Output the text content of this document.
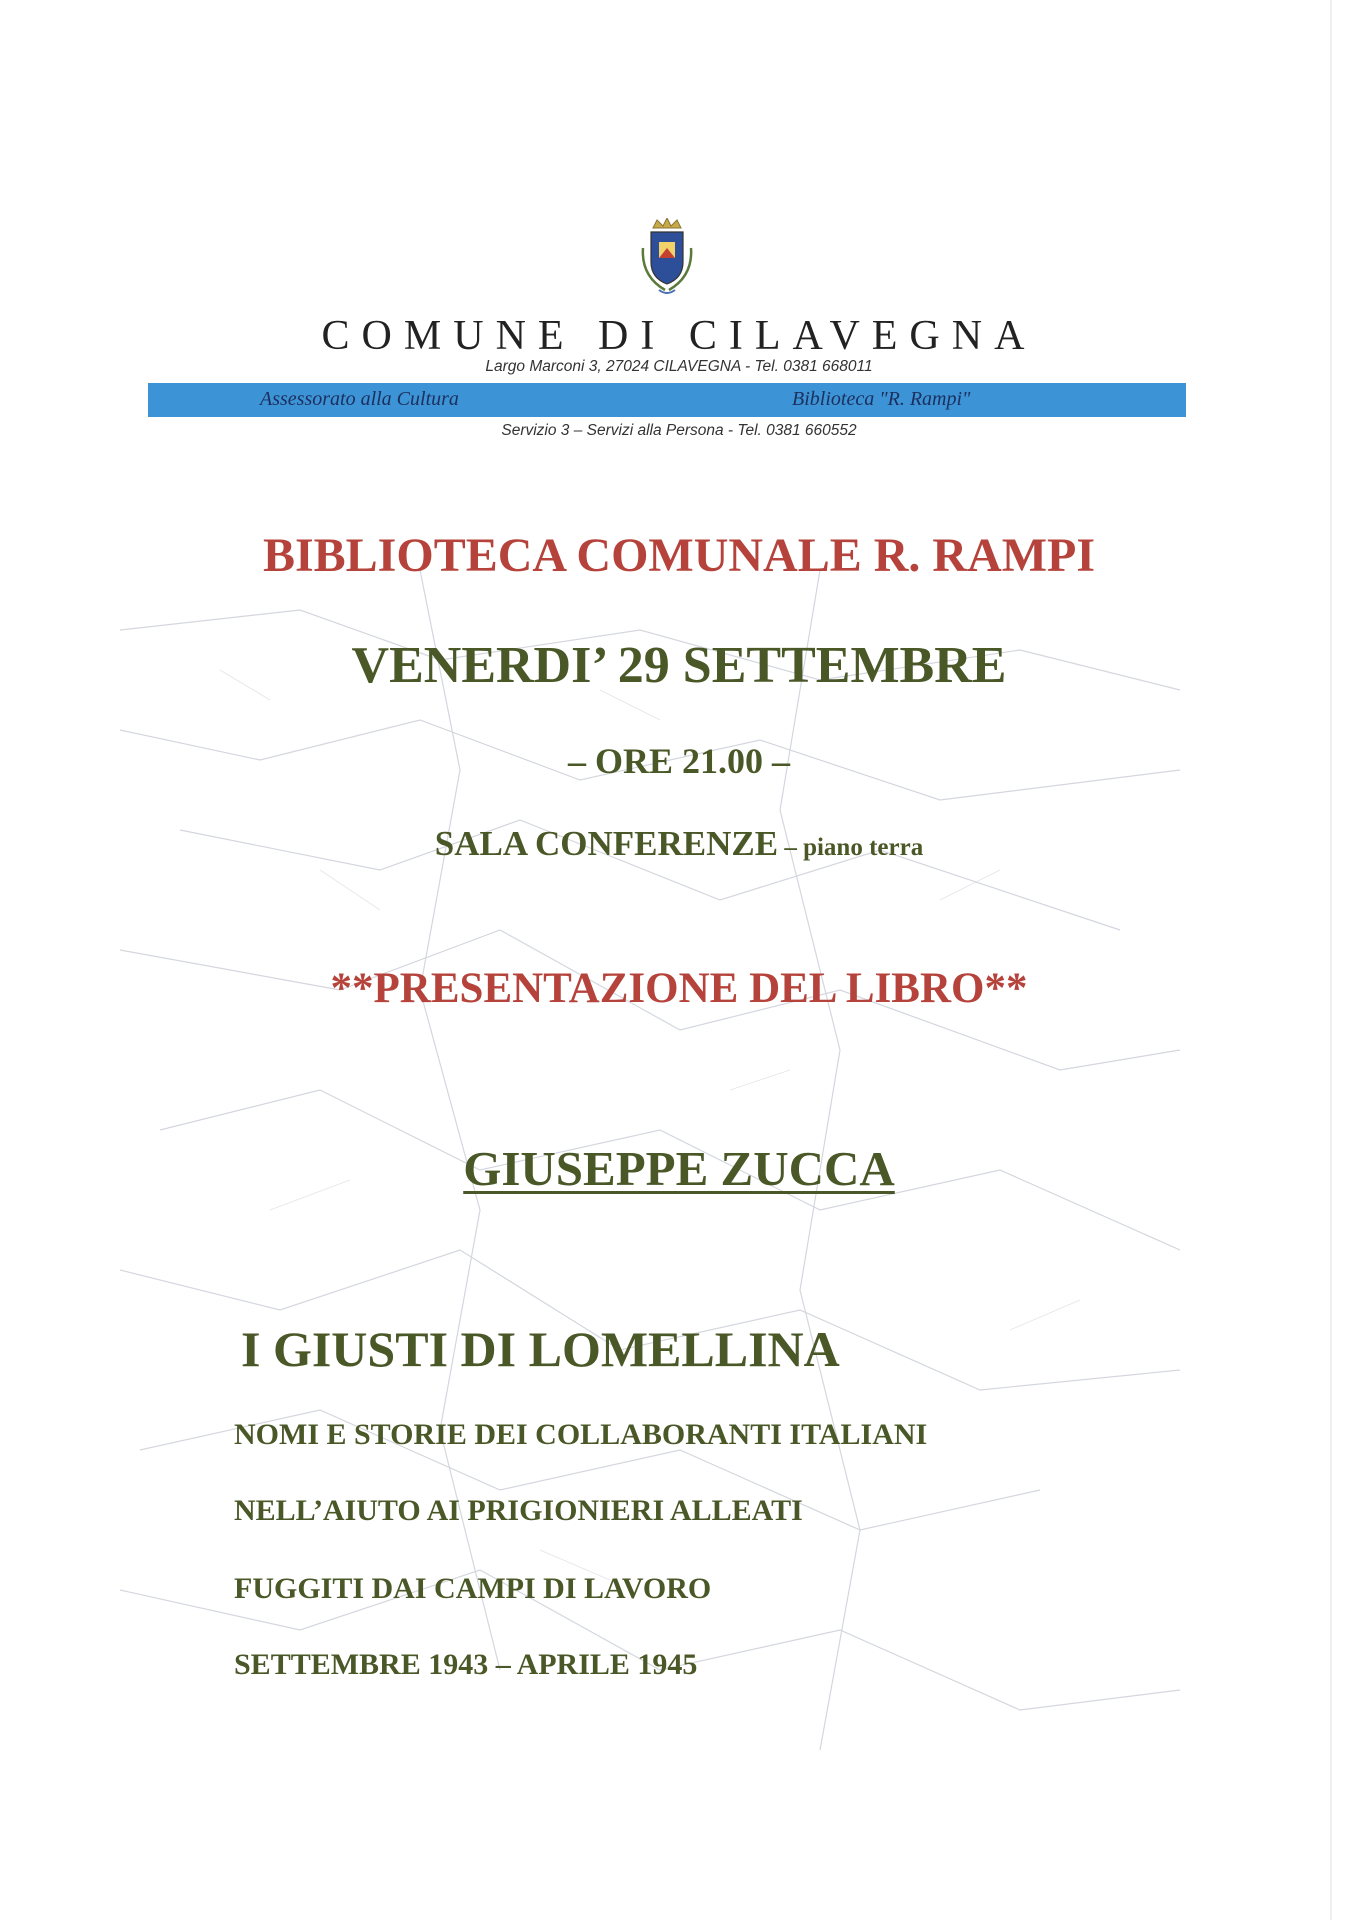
COMUNE DI CILAVEGNA
Largo Marconi 3, 27024 CILAVEGNA - Tel. 0381 668011
Assessorato alla Cultura	Biblioteca "R. Rampi"
Servizio 3 – Servizi alla Persona - Tel. 0381 660552
BIBLIOTECA COMUNALE R. RAMPI
VENERDI’ 29 SETTEMBRE
– ORE 21.00 –
SALA CONFERENZE – piano terra
**PRESENTAZIONE DEL LIBRO**
GIUSEPPE ZUCCA
I GIUSTI DI LOMELLINA
NOMI E STORIE DEI COLLABORANTI ITALIANI
NELL’AIUTO AI PRIGIONIERI ALLEATI
FUGGITI DAI CAMPI DI LAVORO
SETTEMBRE 1943 – APRILE 1945
